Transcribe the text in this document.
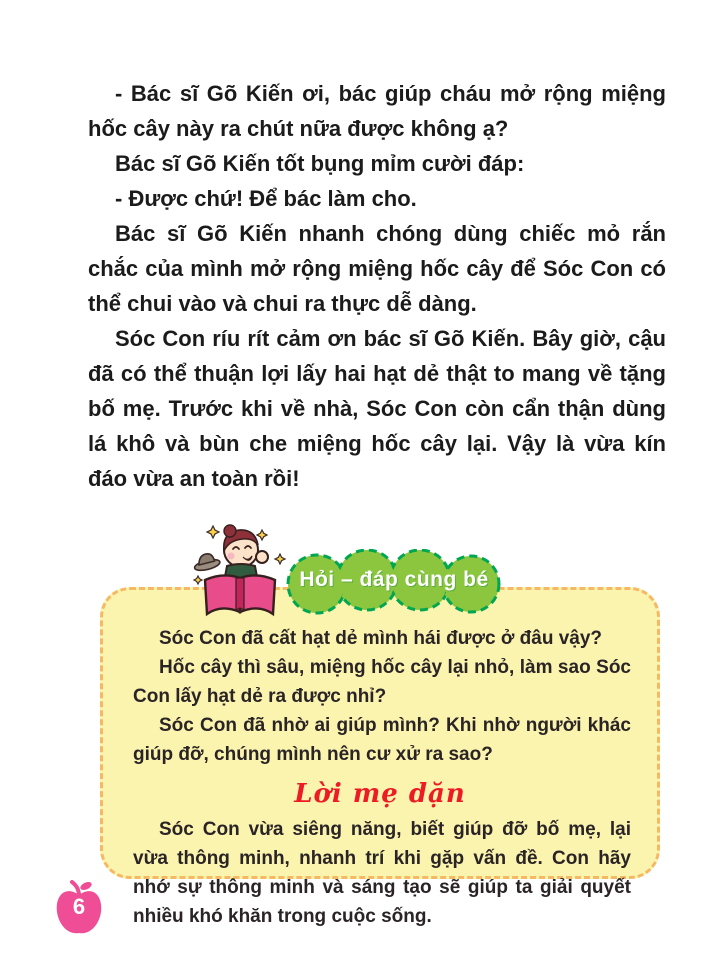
- Bác sĩ Gõ Kiến ơi, bác giúp cháu mở rộng miệng hốc cây này ra chút nữa được không ạ?

Bác sĩ Gõ Kiến tốt bụng mỉm cười đáp:

- Được chứ! Để bác làm cho.

Bác sĩ Gõ Kiến nhanh chóng dùng chiếc mỏ rắn chắc của mình mở rộng miệng hốc cây để Sóc Con có thể chui vào và chui ra thực dễ dàng.

Sóc Con ríu rít cảm ơn bác sĩ Gõ Kiến. Bây giờ, cậu đã có thể thuận lợi lấy hai hạt dẻ thật to mang về tặng bố mẹ. Trước khi về nhà, Sóc Con còn cẩn thận dùng lá khô và bùn che miệng hốc cây lại. Vậy là vừa kín đáo vừa an toàn rồi!

Sóc Con đã cất hạt dẻ mình hái được ở đâu vậy?

Hốc cây thì sâu, miệng hốc cây lại nhỏ, làm sao Sóc Con lấy hạt dẻ ra được nhỉ?

Sóc Con đã nhờ ai giúp mình? Khi nhờ người khác giúp đỡ, chúng mình nên cư xử ra sao?

Lời mẹ dặn

Sóc Con vừa siêng năng, biết giúp đỡ bố mẹ, lại vừa thông minh, nhanh trí khi gặp vấn đề. Con hãy nhớ sự thông minh và sáng tạo sẽ giúp ta giải quyết nhiều khó khăn trong cuộc sống.

Hỏi – đáp cùng bé
6
